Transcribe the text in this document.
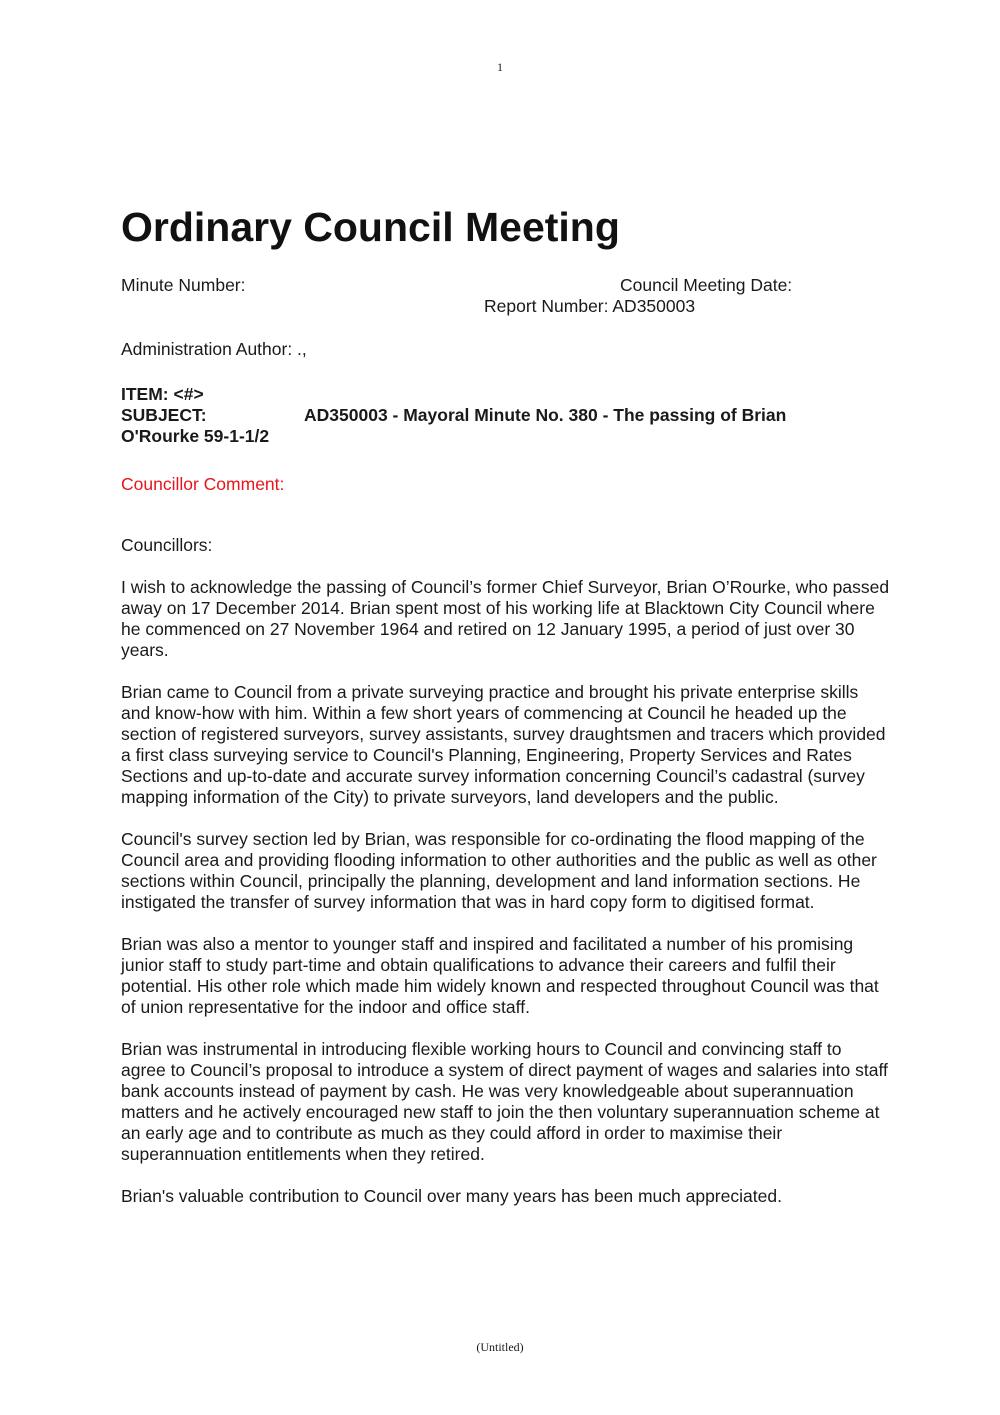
1
Ordinary Council Meeting
Minute Number:	Council Meeting Date:
Report Number: AD350003
Administration Author: .,
ITEM: <#>
SUBJECT:	AD350003 - Mayoral Minute No. 380 - The passing of Brian O'Rourke 59-1-1/2
Councillor Comment:
Councillors:

I wish to acknowledge the passing of Council’s former Chief Surveyor, Brian O’Rourke, who passed away on 17 December 2014. Brian spent most of his working life at Blacktown City Council where he commenced on 27 November 1964 and retired on 12 January 1995, a period of just over 30 years.

Brian came to Council from a private surveying practice and brought his private enterprise skills and know-how with him. Within a few short years of commencing at Council he headed up the section of registered surveyors, survey assistants, survey draughtsmen and tracers which provided a first class surveying service to Council's Planning, Engineering, Property Services and Rates Sections and up-to-date and accurate survey information concerning Council’s cadastral (survey mapping information of the City) to private surveyors, land developers and the public.

Council's survey section led by Brian, was responsible for co-ordinating the flood mapping of the Council area and providing flooding information to other authorities and the public as well as other sections within Council, principally the planning, development and land information sections. He instigated the transfer of survey information that was in hard copy form to digitised format.

Brian was also a mentor to younger staff and inspired and facilitated a number of his promising junior staff to study part-time and obtain qualifications to advance their careers and fulfil their potential. His other role which made him widely known and respected throughout Council was that of union representative for the indoor and office staff.

Brian was instrumental in introducing flexible working hours to Council and convincing staff to agree to Council’s proposal to introduce a system of direct payment of wages and salaries into staff bank accounts instead of payment by cash. He was very knowledgeable about superannuation matters and he actively encouraged new staff to join the then voluntary superannuation scheme at an early age and to contribute as much as they could afford in order to maximise their superannuation entitlements when they retired.

Brian's valuable contribution to Council over many years has been much appreciated.

(Untitled)
